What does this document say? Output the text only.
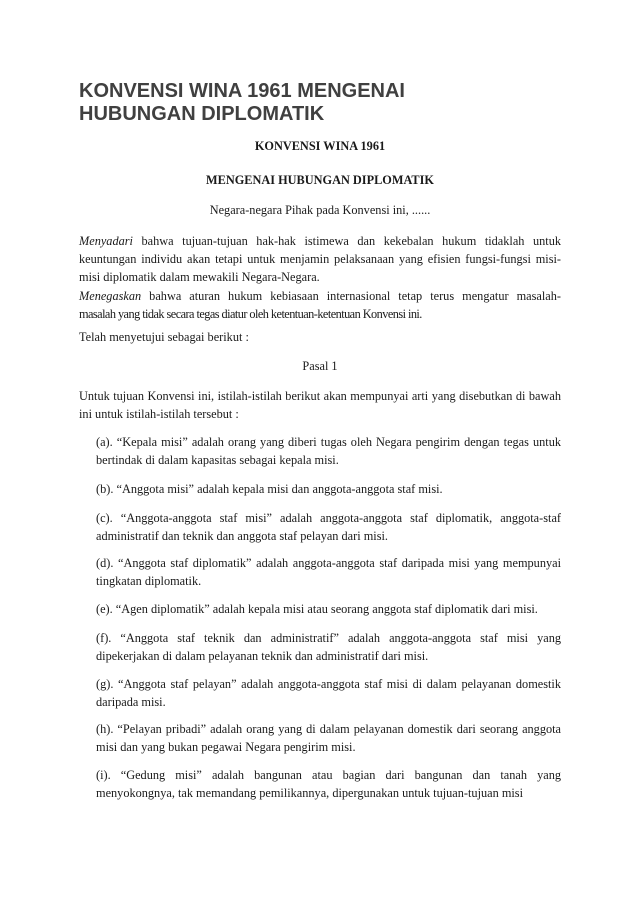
KONVENSI WINA 1961 MENGENAI
HUBUNGAN DIPLOMATIK
KONVENSI WINA 1961
MENGENAI HUBUNGAN DIPLOMATIK
Negara-negara Pihak pada Konvensi ini, ......
Menyadari bahwa tujuan-tujuan hak-hak istimewa dan kekebalan hukum tidaklah untuk keuntungan individu akan tetapi untuk menjamin pelaksanaan yang efisien fungsi-fungsi misi-misi diplomatik dalam mewakili Negara-Negara.
Menegaskan bahwa aturan hukum kebiasaan internasional tetap terus mengatur masalah-
masalah yang tidak secara tegas diatur oleh ketentuan-ketentuan Konvensi ini.
Telah menyetujui sebagai berikut :
Pasal 1
Untuk tujuan Konvensi ini, istilah-istilah berikut akan mempunyai arti yang disebutkan di bawah ini untuk istilah-istilah tersebut :
(a). “Kepala misi” adalah orang yang diberi tugas oleh Negara pengirim dengan tegas untuk bertindak di dalam kapasitas sebagai kepala misi.
(b). “Anggota misi” adalah kepala misi dan anggota-anggota staf misi.
(c). “Anggota-anggota staf misi” adalah anggota-anggota staf diplomatik, anggota-staf administratif dan teknik dan anggota staf pelayan dari misi.
(d). “Anggota staf diplomatik” adalah anggota-anggota staf daripada misi yang mempunyai tingkatan diplomatik.
(e). “Agen diplomatik” adalah kepala misi atau seorang anggota staf diplomatik dari misi.
(f). “Anggota staf teknik dan administratif” adalah anggota-anggota staf misi yang dipekerjakan di dalam pelayanan teknik dan administratif dari misi.
(g). “Anggota staf pelayan” adalah anggota-anggota staf misi di dalam pelayanan domestik daripada misi.
(h). “Pelayan pribadi” adalah orang yang di dalam pelayanan domestik dari seorang anggota misi dan yang bukan pegawai Negara pengirim misi.
(i). “Gedung misi” adalah bangunan atau bagian dari bangunan dan tanah yang menyokongnya, tak memandang pemilikannya, dipergunakan untuk tujuan-tujuan misi
